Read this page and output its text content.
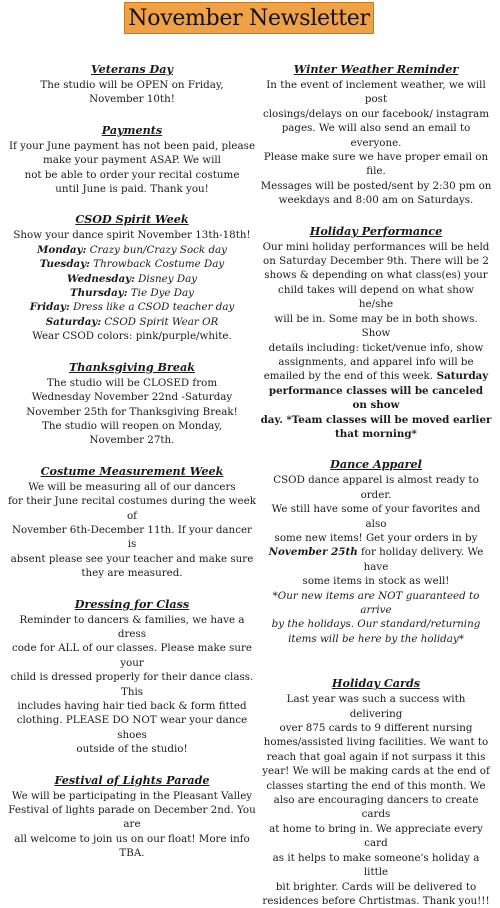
November Newsletter
Veterans Day

The studio will be OPEN on Friday,

November 10th!

Payments

If your June payment has not been paid, please

make your payment ASAP. We will

not be able to order your recital costume

until June is paid. Thank you!

CSOD Spirit Week

Show your dance spirit November 13th-18th!

Monday: Crazy bun/Crazy Sock day

Tuesday: Throwback Costume Day

Wednesday: Disney Day

Thursday: Tie Dye Day

Friday: Dress like a CSOD teacher day

Saturday: CSOD Spirit Wear OR

Wear CSOD colors: pink/purple/white.

Thanksgiving Break

The studio will be CLOSED from

Wednesday November 22nd -Saturday

November 25th for Thanksgiving Break!

The studio will reopen on Monday,

November 27th.

Costume Measurement Week

We will be measuring all of our dancers

for their June recital costumes during the week of

November 6th-December 11th. If your dancer is

absent please see your teacher and make sure

they are measured.

Dressing for Class

Reminder to dancers & families, we have a dress

code for ALL of our classes. Please make sure your

child is dressed properly for their dance class. This

includes having hair tied back & form fitted

clothing. PLEASE DO NOT wear your dance shoes

outside of the studio!

Festival of Lights Parade

We will be participating in the Pleasant Valley

Festival of lights parade on December 2nd. You are

all welcome to join us on our float! More info TBA.

Winter Weather Reminder

In the event of inclement weather, we will post

closings/delays on our facebook/ instagram

pages. We will also send an email to everyone.

Please make sure we have proper email on file.

Messages will be posted/sent by 2:30 pm on

weekdays and 8:00 am on Saturdays.

Holiday Performance

Our mini holiday performances will be held

on Saturday December 9th. There will be 2

shows & depending on what class(es) your

child takes will depend on what show he/she

will be in. Some may be in both shows. Show

details including: ticket/venue info, show

assignments, and apparel info will be

emailed by the end of this week. Saturday

performance classes will be canceled on show

day. *Team classes will be moved earlier

that morning*

Dance Apparel

CSOD dance apparel is almost ready to order.

We still have some of your favorites and also

some new items! Get your orders in by

November 25th for holiday delivery. We have

some items in stock as well!

*Our new items are NOT guaranteed to arrive

by the holidays. Our standard/returning

items will be here by the holiday*

Holiday Cards

Last year was such a success with delivering

over 875 cards to 9 different nursing

homes/assisted living facilities. We want to

reach that goal again if not surpass it this

year! We will be making cards at the end of

classes starting the end of this month. We

also are encouraging dancers to create cards

at home to bring in. We appreciate every card

as it helps to make someone's holiday a little

bit brighter. Cards will be delivered to

residences before Chrtistmas. Thank you!!!
